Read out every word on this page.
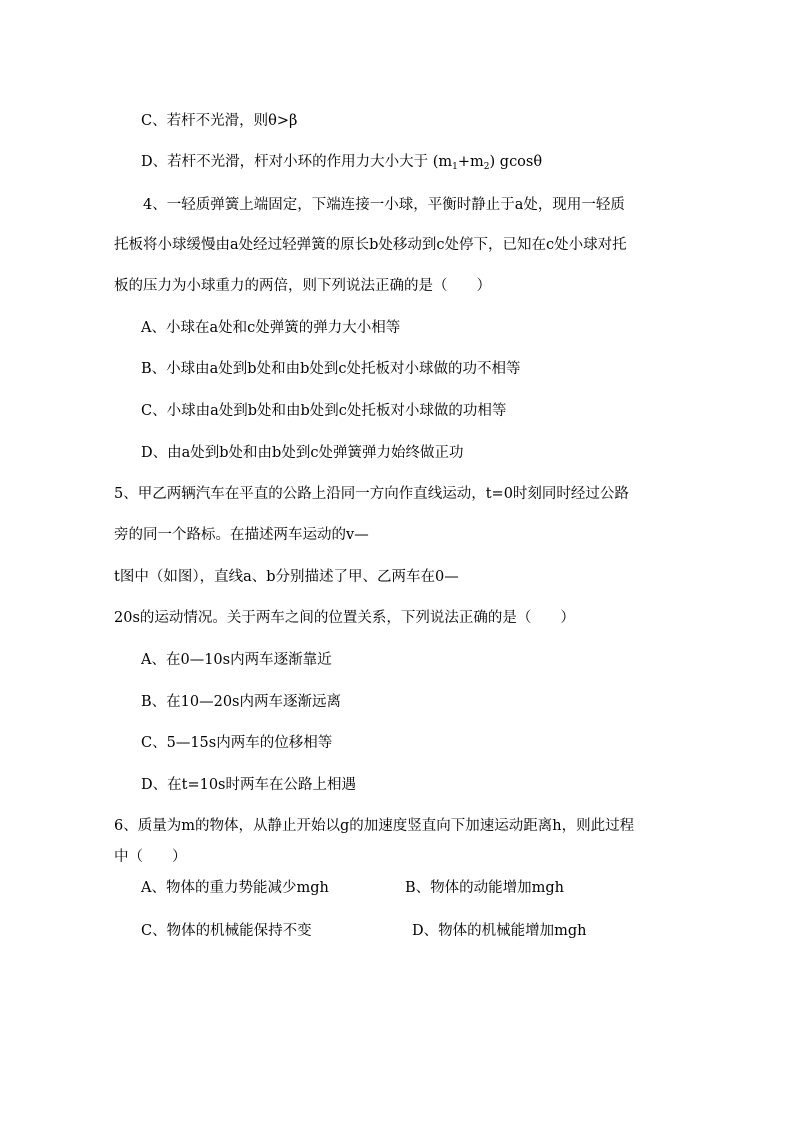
C、若杆不光滑，则θ>β
D、若杆不光滑，杆对小环的作用力大小大于 $(m_1+m_2)$ gcosθ
4、一轻质弹簧上端固定，下端连接一小球，平衡时静止于a处，现用一轻质
托板将小球缓慢由a处经过轻弹簧的原长b处移动到c处停下，已知在c处小球对托
板的压力为小球重力的两倍，则下列说法正确的是（　　）
A、小球在a处和c处弹簧的弹力大小相等
B、小球由a处到b处和由b处到c处托板对小球做的功不相等
C、小球由a处到b处和由b处到c处托板对小球做的功相等
D、由a处到b处和由b处到c处弹簧弹力始终做正功
5、甲乙两辆汽车在平直的公路上沿同一方向作直线运动，t=0时刻同时经过公路
旁的同一个路标。在描述两车运动的v—
t图中（如图），直线a、b分别描述了甲、乙两车在0—
20s的运动情况。关于两车之间的位置关系，下列说法正确的是（　　）
A、在0—10s内两车逐渐靠近
B、在10—20s内两车逐渐远离
C、5—15s内两车的位移相等
D、在t=10s时两车在公路上相遇
6、质量为m的物体，从静止开始以g的加速度竖直向下加速运动距离h，则此过程
中（　　）
A、物体的重力势能减少mgh	B、物体的动能增加mgh
C、物体的机械能保持不变	D、物体的机械能增加mgh
